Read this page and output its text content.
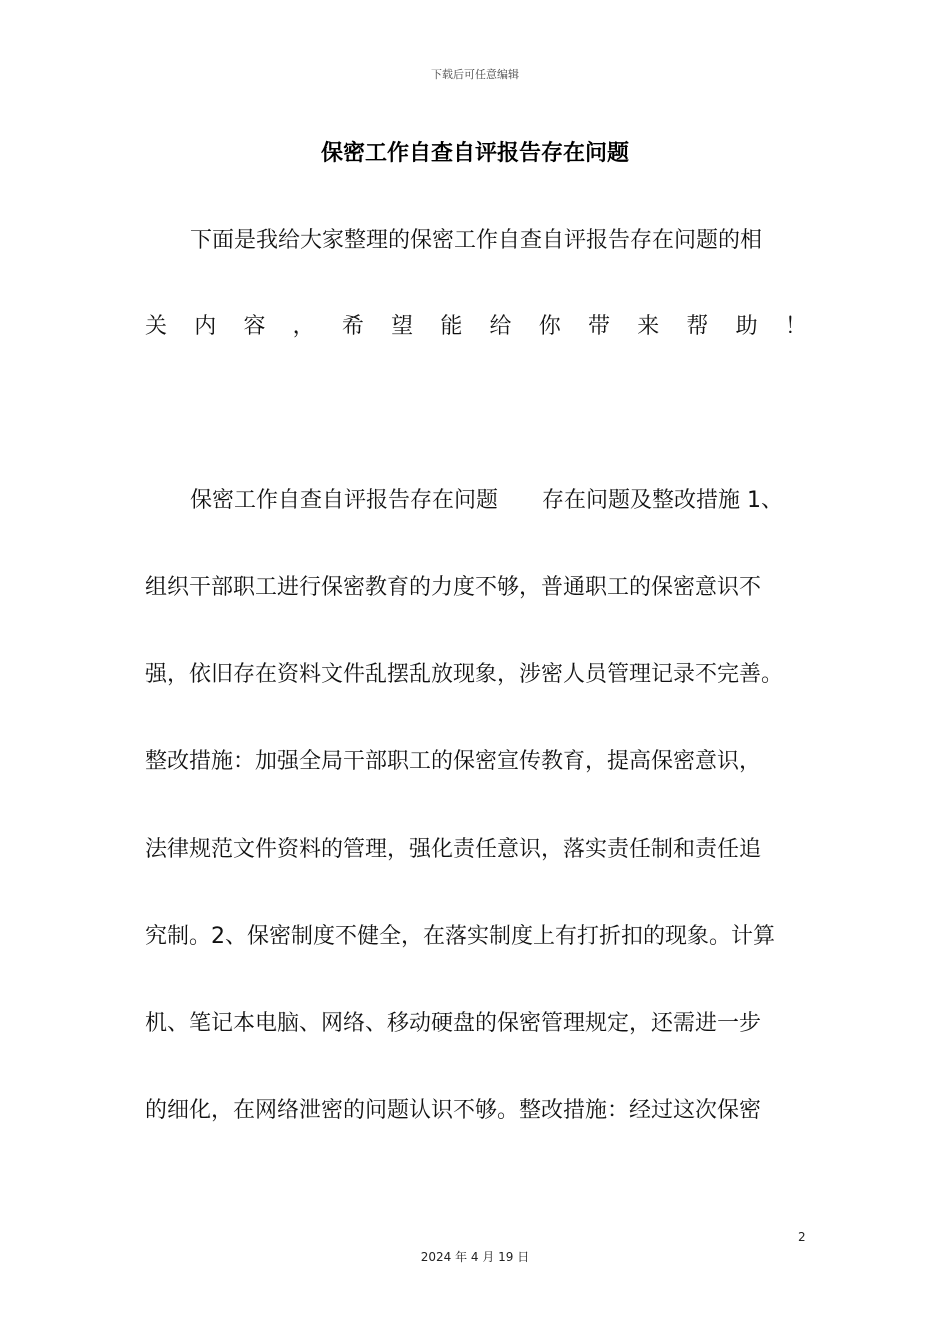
下载后可任意编辑
保密工作自查自评报告存在问题
下面是我给大家整理的保密工作自查自评报告存在问题的相
关 内 容 ， 希 望 能 给 你 带 来 帮 助 ！
保密工作自查自评报告存在问题 存在问题及整改措施 1、
组织干部职工进行保密教育的力度不够，普通职工的保密意识不
强，依旧存在资料文件乱摆乱放现象，涉密人员管理记录不完善。
整改措施：加强全局干部职工的保密宣传教育，提高保密意识，
法律规范文件资料的管理，强化责任意识，落实责任制和责任追
究制。2、保密制度不健全，在落实制度上有打折扣的现象。计算
机、笔记本电脑、网络、移动硬盘的保密管理规定，还需进一步
的细化，在网络泄密的问题认识不够。整改措施：经过这次保密
2
2024 年 4 月 19 日
